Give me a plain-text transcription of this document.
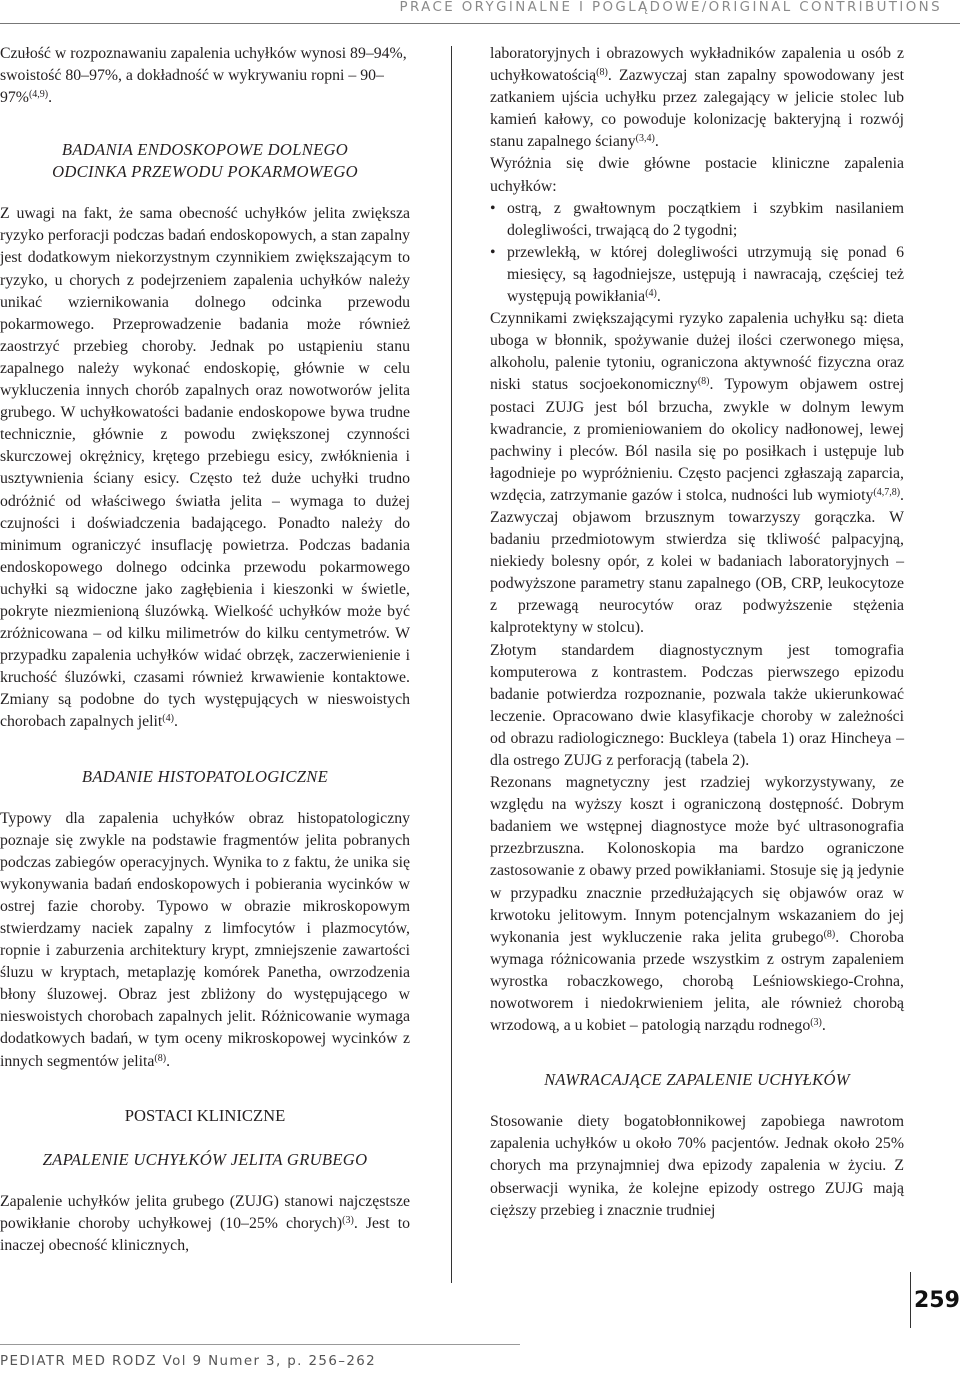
PRACE ORYGINALNE I POGLĄDOWE/ORIGINAL CONTRIBUTIONS

Czułość w rozpoznawaniu zapalenia uchyłków wynosi 89–94%, swoistość 80–97%, a dokładność w wykrywaniu ropni – 90–97%$^{(4,9)}$.

BADANIA ENDOSKOPOWE DOLNEGO
ODCINKA PRZEWODU POKARMOWEGO

Z uwagi na fakt, że sama obecność uchyłków jelita zwiększa ryzyko perforacji podczas badań endoskopowych, a stan zapalny jest dodatkowym niekorzystnym czynnikiem zwiększającym to ryzyko, u chorych z podejrzeniem zapalenia uchyłków należy unikać wziernikowania dolnego odcinka przewodu pokarmowego. Przeprowadzenie badania może również zaostrzyć przebieg choroby. Jednak po ustąpieniu stanu zapalnego należy wykonać endoskopię, głównie w celu wykluczenia innych chorób zapalnych oraz nowotworów jelita grubego. W uchyłkowatości badanie endoskopowe bywa trudne technicznie, głównie z powodu zwiększonej czynności skurczowej okrężnicy, krętego przebiegu esicy, zwłóknienia i usztywnienia ściany esicy. Często też duże uchyłki trudno odróżnić od właściwego światła jelita – wymaga to dużej czujności i doświadczenia badającego. Ponadto należy do minimum ograniczyć insuflację powietrza. Podczas badania endoskopowego dolnego odcinka przewodu pokarmowego uchyłki są widoczne jako zagłębienia i kieszonki w świetle, pokryte niezmienioną śluzówką. Wielkość uchyłków może być zróżnicowana – od kilku milimetrów do kilku centymetrów. W przypadku zapalenia uchyłków widać obrzęk, zaczerwienienie i kruchość śluzówki, czasami również krwawienie kontaktowe. Zmiany są podobne do tych występujących w nieswoistych chorobach zapalnych jelit$^{(4)}$.

BADANIE HISTOPATOLOGICZNE

Typowy dla zapalenia uchyłków obraz histopatologiczny poznaje się zwykle na podstawie fragmentów jelita pobranych podczas zabiegów operacyjnych. Wynika to z faktu, że unika się wykonywania badań endoskopowych i pobierania wycinków w ostrej fazie choroby. Typowo w obrazie mikroskopowym stwierdzamy naciek zapalny z limfocytów i plazmocytów, ropnie i zaburzenia architektury krypt, zmniejszenie zawartości śluzu w kryptach, metaplazję komórek Panetha, owrzodzenia błony śluzowej. Obraz jest zbliżony do występującego w nieswoistych chorobach zapalnych jelit. Różnicowanie wymaga dodatkowych badań, w tym oceny mikroskopowej wycinków z innych segmentów jelita$^{(8)}$.

POSTACI KLINICZNE
ZAPALENIE UCHYŁKÓW JELITA GRUBEGO

Zapalenie uchyłków jelita grubego (ZUJG) stanowi najczęstsze powikłanie choroby uchyłkowej (10–25% chorych)$^{(3)}$. Jest to inaczej obecność klinicznych,

laboratoryjnych i obrazowych wykładników zapalenia u osób z uchyłkowatością$^{(8)}$. Zazwyczaj stan zapalny spowodowany jest zatkaniem ujścia uchyłku przez zalegający w jelicie stolec lub kamień kałowy, co powoduje kolonizację bakteryjną i rozwój stanu zapalnego ściany$^{(3,4)}$.

Wyróżnia się dwie główne postacie kliniczne zapalenia uchyłków:

• ostrą, z gwałtownym początkiem i szybkim nasilaniem dolegliwości, trwającą do 2 tygodni;
• przewlekłą, w której dolegliwości utrzymują się ponad 6 miesięcy, są łagodniejsze, ustępują i nawracają, częściej też występują powikłania$^{(4)}$.

Czynnikami zwiększającymi ryzyko zapalenia uchyłku są: dieta uboga w błonnik, spożywanie dużej ilości czerwonego mięsa, alkoholu, palenie tytoniu, ograniczona aktywność fizyczna oraz niski status socjoekonomiczny$^{(8)}$. Typowym objawem ostrej postaci ZUJG jest ból brzucha, zwykle w dolnym lewym kwadrancie, z promieniowaniem do okolicy nadłonowej, lewej pachwiny i pleców. Ból nasila się po posiłkach i ustępuje lub łagodnieje po wypróżnieniu. Często pacjenci zgłaszają zaparcia, wzdęcia, zatrzymanie gazów i stolca, nudności lub wymioty$^{(4,7,8)}$. Zazwyczaj objawom brzusznym towarzyszy gorączka. W badaniu przedmiotowym stwierdza się tkliwość palpacyjną, niekiedy bolesny opór, z kolei w badaniach laboratoryjnych – podwyższone parametry stanu zapalnego (OB, CRP, leukocytoze z przewagą neurocytów oraz podwyższenie stężenia kalprotektyny w stolcu).

Złotym standardem diagnostycznym jest tomografia komputerowa z kontrastem. Podczas pierwszego epizodu badanie potwierdza rozpoznanie, pozwala także ukierunkować leczenie. Opracowano dwie klasyfikacje choroby w zależności od obrazu radiologicznego: Buckleya (tabela 1) oraz Hincheya – dla ostrego ZUJG z perforacją (tabela 2).

Rezonans magnetyczny jest rzadziej wykorzystywany, ze względu na wyższy koszt i ograniczoną dostępność. Dobrym badaniem we wstępnej diagnostyce może być ultrasonografia przezbrzuszna. Kolonoskopia ma bardzo ograniczone zastosowanie z obawy przed powikłaniami. Stosuje się ją jedynie w przypadku znacznie przedłużających się objawów oraz w krwotoku jelitowym. Innym potencjalnym wskazaniem do jej wykonania jest wykluczenie raka jelita grubego$^{(8)}$. Choroba wymaga różnicowania przede wszystkim z ostrym zapaleniem wyrostka robaczkowego, chorobą Leśniowskiego-Crohna, nowotworem i niedokrwieniem jelita, ale również chorobą wrzodową, a u kobiet – patologią narządu rodnego$^{(3)}$.

NAWRACAJĄCE ZAPALENIE UCHYŁKÓW

Stosowanie diety bogatobłonnikowej zapobiega nawrotom zapalenia uchyłków u około 70% pacjentów. Jednak około 25% chorych ma przynajmniej dwa epizody zapalenia w życiu. Z obserwacji wynika, że kolejne epizody ostrego ZUJG mają cięższy przebieg i znacznie trudniej

259
PEDIATR MED RODZ Vol 9 Numer 3, p. 256–262
